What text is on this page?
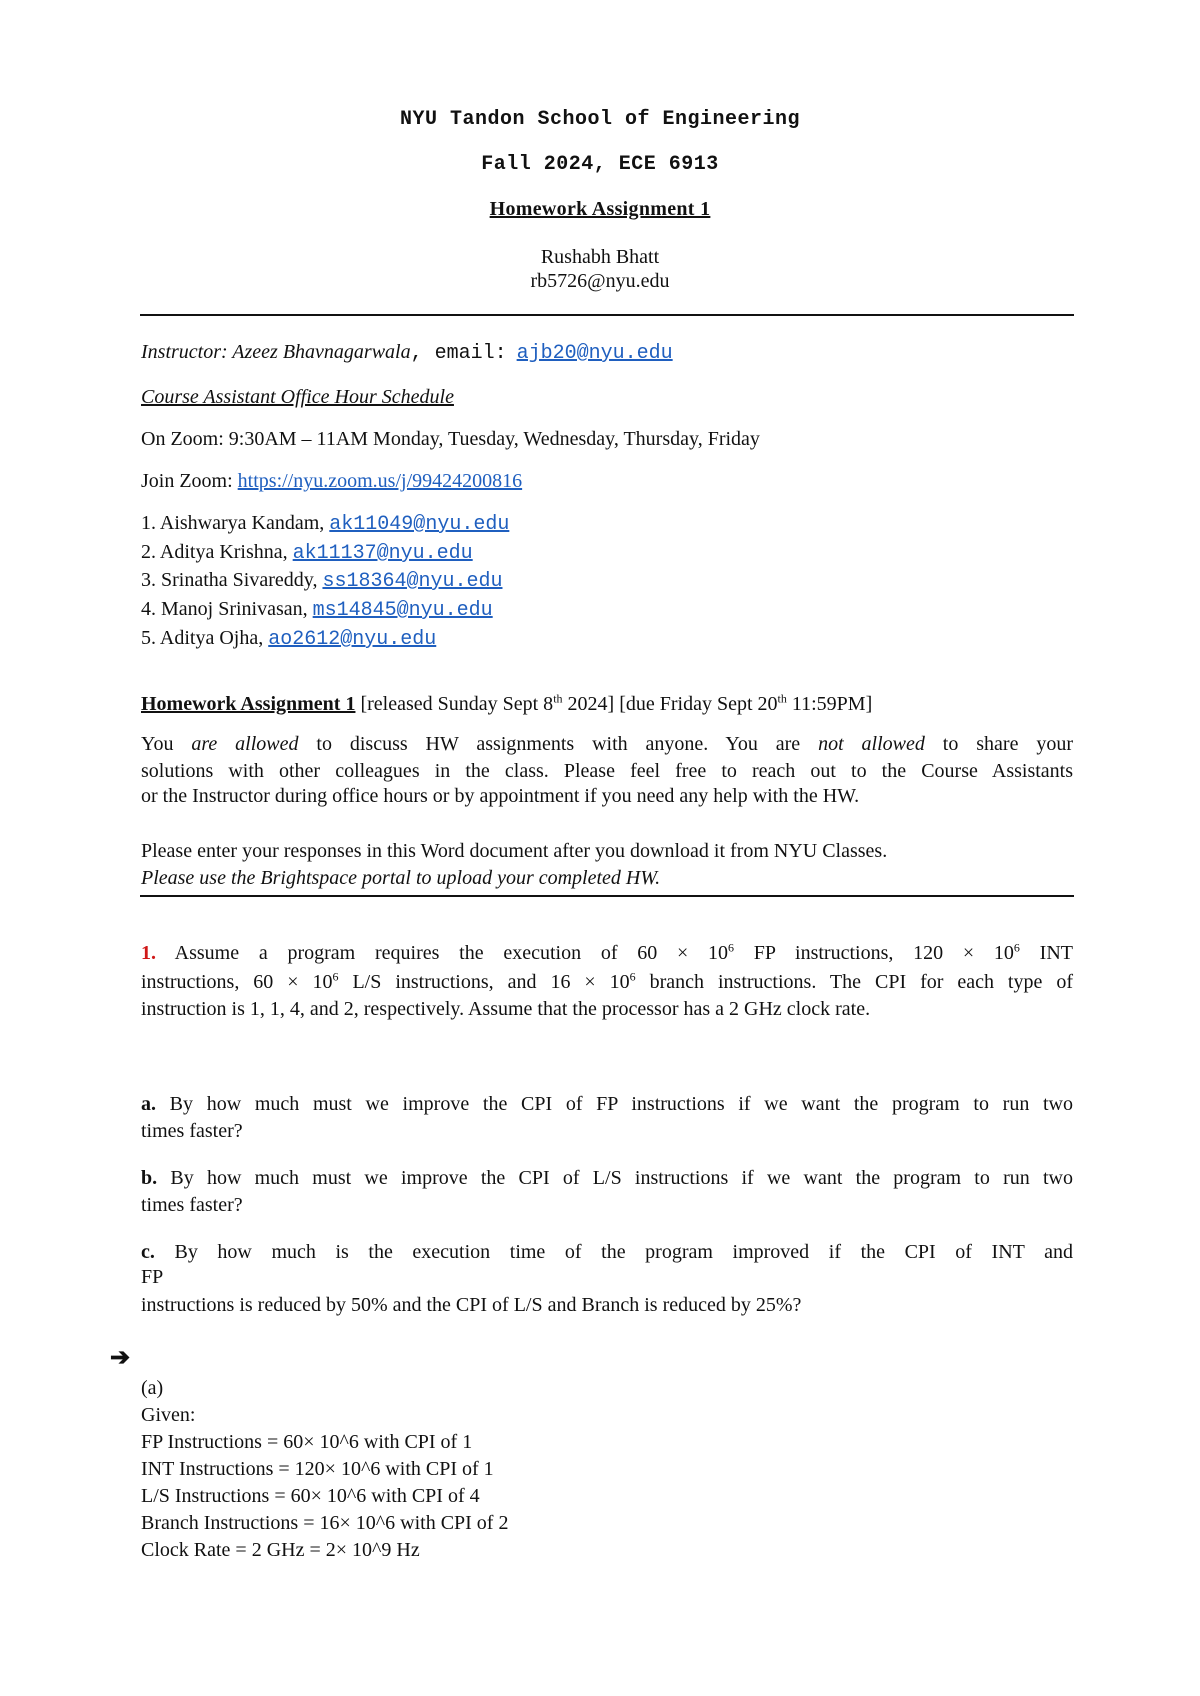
NYU Tandon School of Engineering
Fall 2024, ECE 6913
Homework Assignment 1
Rushabh Bhatt
rb5726@nyu.edu
Instructor: Azeez Bhavnagarwala, email: ajb20@nyu.edu
Course Assistant Office Hour Schedule
On Zoom: 9:30AM – 11AM Monday, Tuesday, Wednesday, Thursday, Friday
Join Zoom: https://nyu.zoom.us/j/99424200816
1. Aishwarya Kandam, ak11049@nyu.edu
2. Aditya Krishna, ak11137@nyu.edu
3. Srinatha Sivareddy, ss18364@nyu.edu
4. Manoj Srinivasan, ms14845@nyu.edu
5. Aditya Ojha, ao2612@nyu.edu
Homework Assignment 1 [released Sunday Sept 8th 2024] [due Friday Sept 20th 11:59PM]
You are allowed to discuss HW assignments with anyone. You are not allowed to share your
solutions with other colleagues in the class. Please feel free to reach out to the Course Assistants
or the Instructor during office hours or by appointment if you need any help with the HW.
Please enter your responses in this Word document after you download it from NYU Classes.
Please use the Brightspace portal to upload your completed HW.
1. Assume a program requires the execution of $60 \times 10^6$ FP instructions, $120 \times 10^6$ INT
instructions, $60 \times 10^6$ L/S instructions, and $16 \times 10^6$ branch instructions. The CPI for each type of
instruction is 1, 1, 4, and 2, respectively. Assume that the processor has a 2 GHz clock rate.
a. By how much must we improve the CPI of FP instructions if we want the program to run two
times faster?
b. By how much must we improve the CPI of L/S instructions if we want the program to run two
times faster?
c. By how much is the execution time of the program improved if the CPI of INT and
FP
instructions is reduced by 50% and the CPI of L/S and Branch is reduced by 25%?
➔
(a)
Given:
FP Instructions = 60× 10^6 with CPI of 1
INT Instructions = 120× 10^6 with CPI of 1
L/S Instructions = 60× 10^6 with CPI of 4
Branch Instructions = 16× 10^6 with CPI of 2
Clock Rate = 2 GHz = 2× 10^9 Hz
